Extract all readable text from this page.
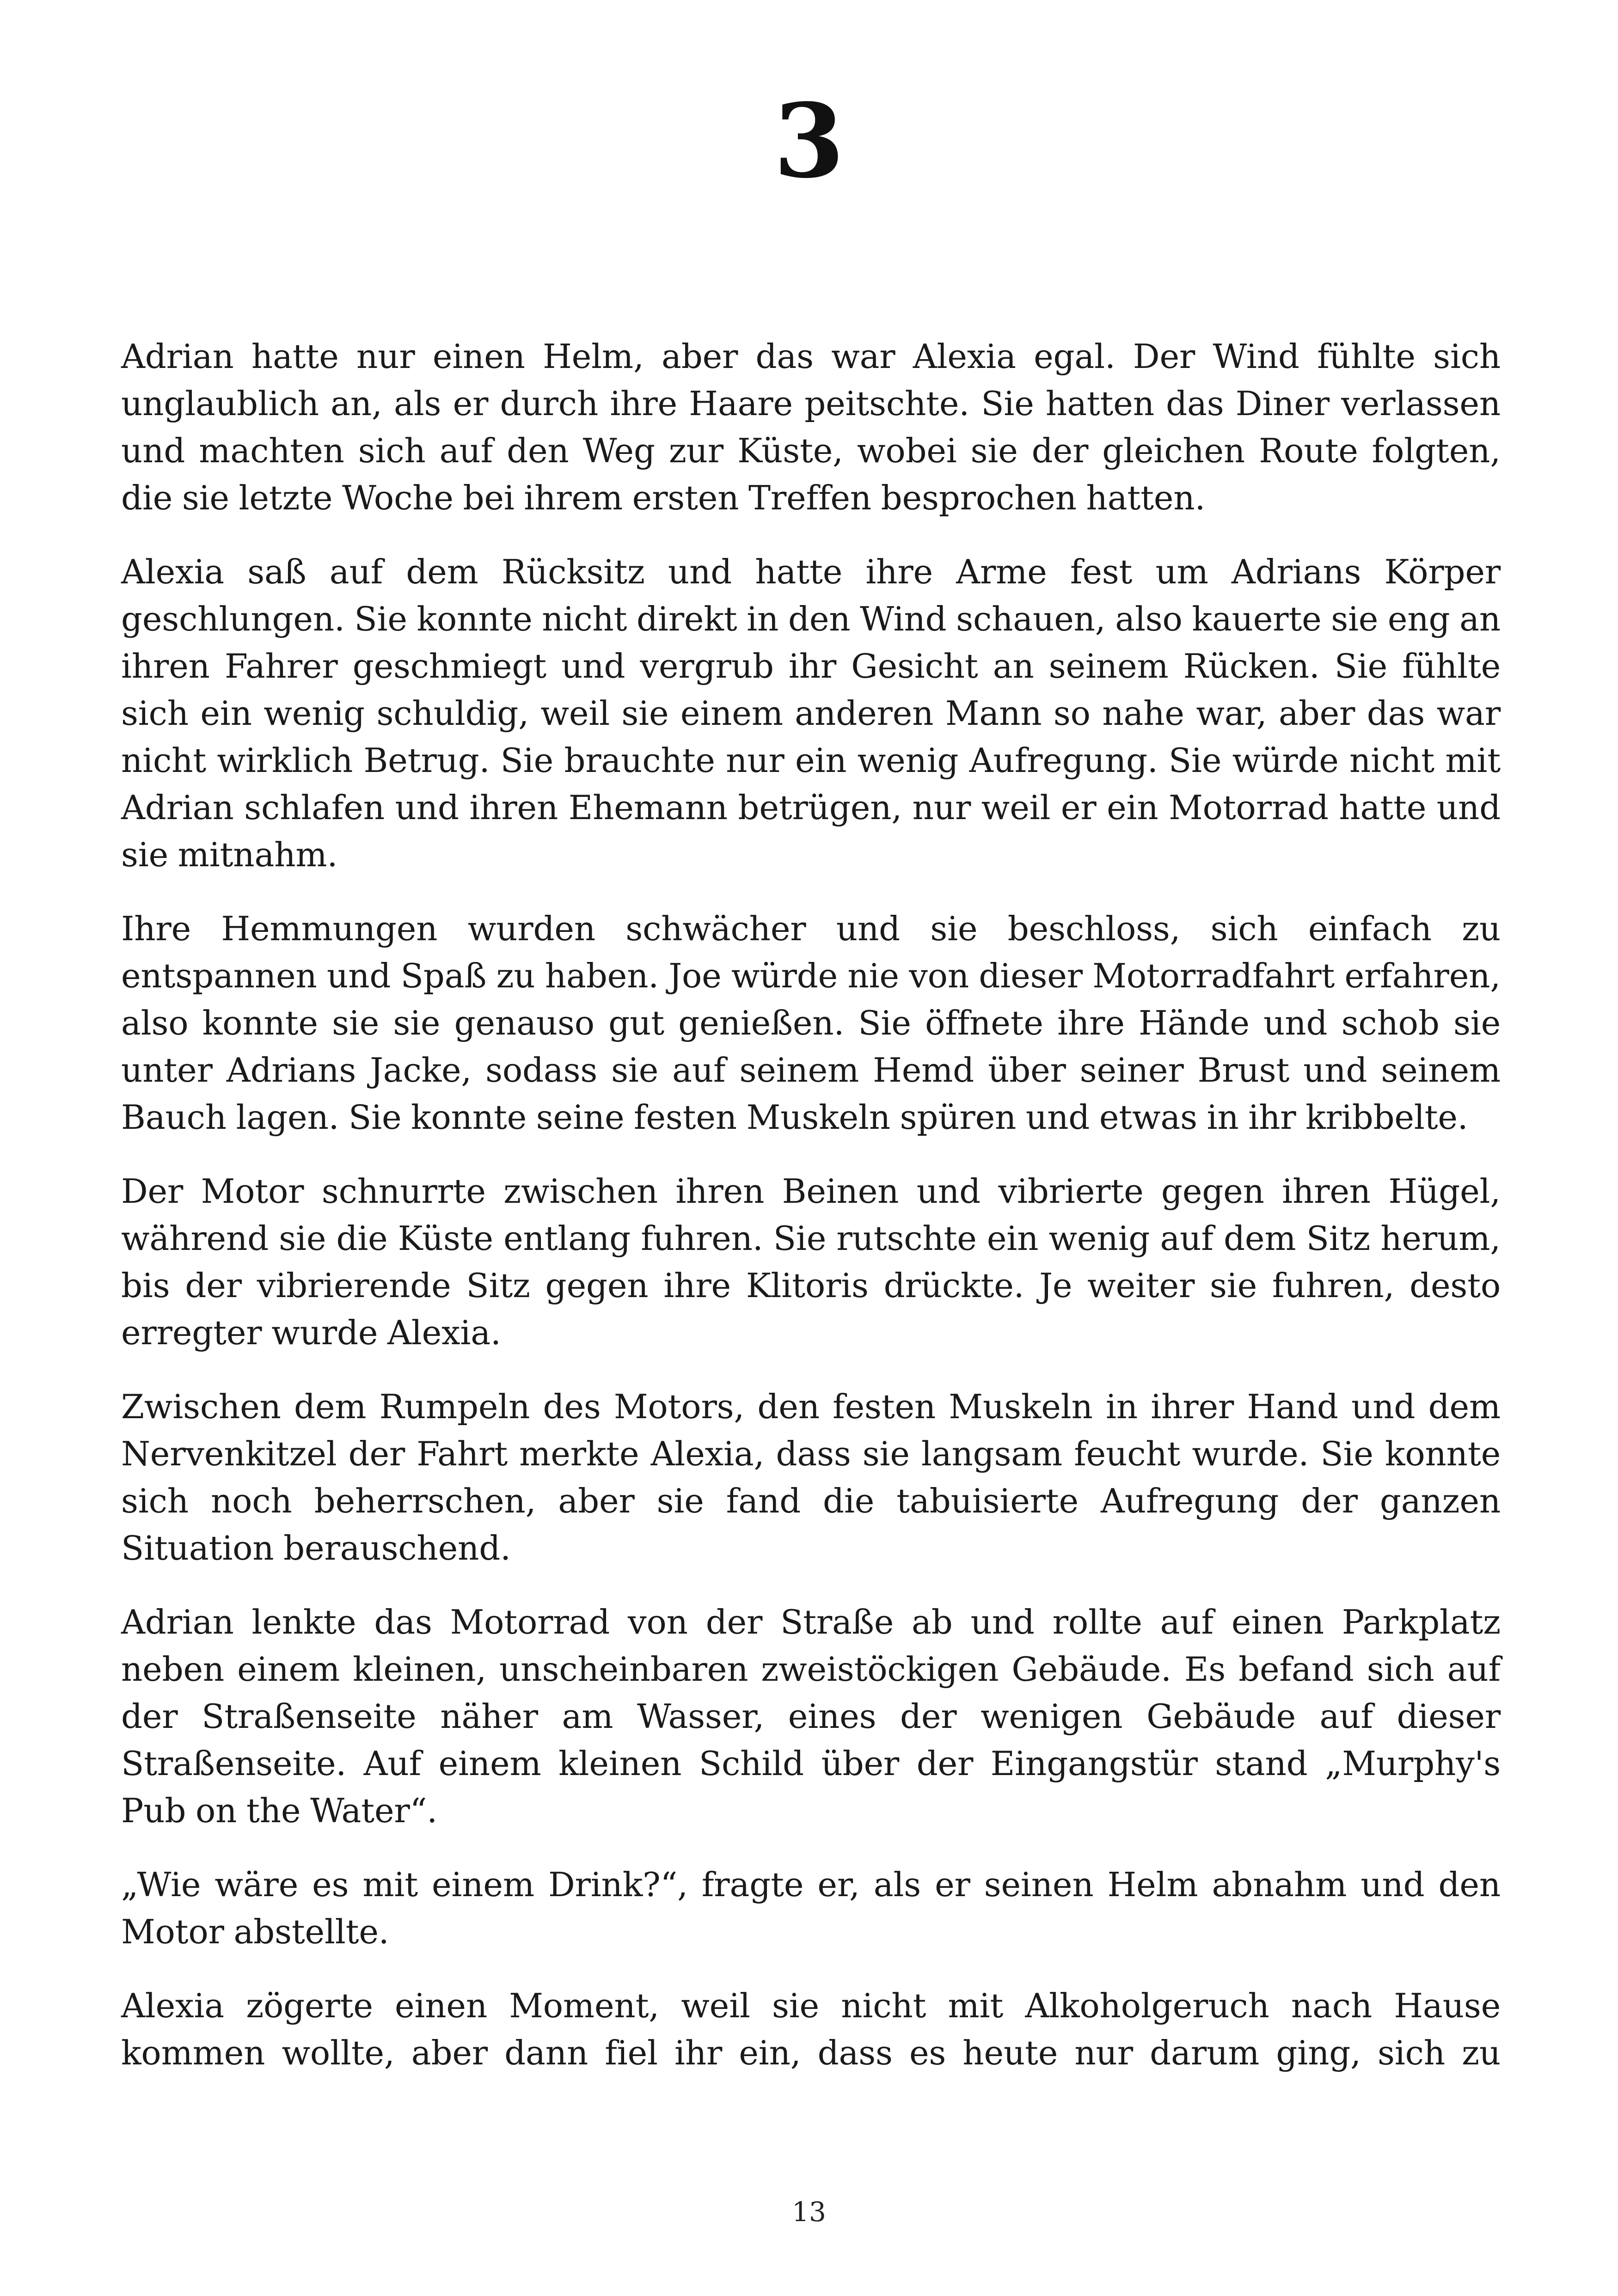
3

Adrian hatte nur einen Helm, aber das war Alexia egal. Der Wind fühlte sich unglaublich an, als er durch ihre Haare peitschte. Sie hatten das Diner verlassen und machten sich auf den Weg zur Küste, wobei sie der gleichen Route folgten, die sie letzte Woche bei ihrem ersten Treffen besprochen hatten.

Alexia saß auf dem Rücksitz und hatte ihre Arme fest um Adrians Körper geschlungen. Sie konnte nicht direkt in den Wind schauen, also kauerte sie eng an ihren Fahrer geschmiegt und vergrub ihr Gesicht an seinem Rücken. Sie fühlte sich ein wenig schuldig, weil sie einem anderen Mann so nahe war, aber das war nicht wirklich Betrug. Sie brauchte nur ein wenig Aufregung. Sie würde nicht mit Adrian schlafen und ihren Ehemann betrügen, nur weil er ein Motorrad hatte und sie mitnahm.

Ihre Hemmungen wurden schwächer und sie beschloss, sich einfach zu entspannen und Spaß zu haben. Joe würde nie von dieser Motorradfahrt erfahren, also konnte sie sie genauso gut genießen. Sie öffnete ihre Hände und schob sie unter Adrians Jacke, sodass sie auf seinem Hemd über seiner Brust und seinem Bauch lagen. Sie konnte seine festen Muskeln spüren und etwas in ihr kribbelte.

Der Motor schnurrte zwischen ihren Beinen und vibrierte gegen ihren Hügel, während sie die Küste entlang fuhren. Sie rutschte ein wenig auf dem Sitz herum, bis der vibrierende Sitz gegen ihre Klitoris drückte. Je weiter sie fuhren, desto erregter wurde Alexia.

Zwischen dem Rumpeln des Motors, den festen Muskeln in ihrer Hand und dem Nervenkitzel der Fahrt merkte Alexia, dass sie langsam feucht wurde. Sie konnte sich noch beherrschen, aber sie fand die tabuisierte Aufregung der ganzen Situation berauschend.

Adrian lenkte das Motorrad von der Straße ab und rollte auf einen Parkplatz neben einem kleinen, unscheinbaren zweistöckigen Gebäude. Es befand sich auf der Straßenseite näher am Wasser, eines der wenigen Gebäude auf dieser Straßenseite. Auf einem kleinen Schild über der Eingangstür stand „Murphy's Pub on the Water“.

„Wie wäre es mit einem Drink?“, fragte er, als er seinen Helm abnahm und den Motor abstellte.

Alexia zögerte einen Moment, weil sie nicht mit Alkoholgeruch nach Hause kommen wollte, aber dann fiel ihr ein, dass es heute nur darum ging, sich zu

13
